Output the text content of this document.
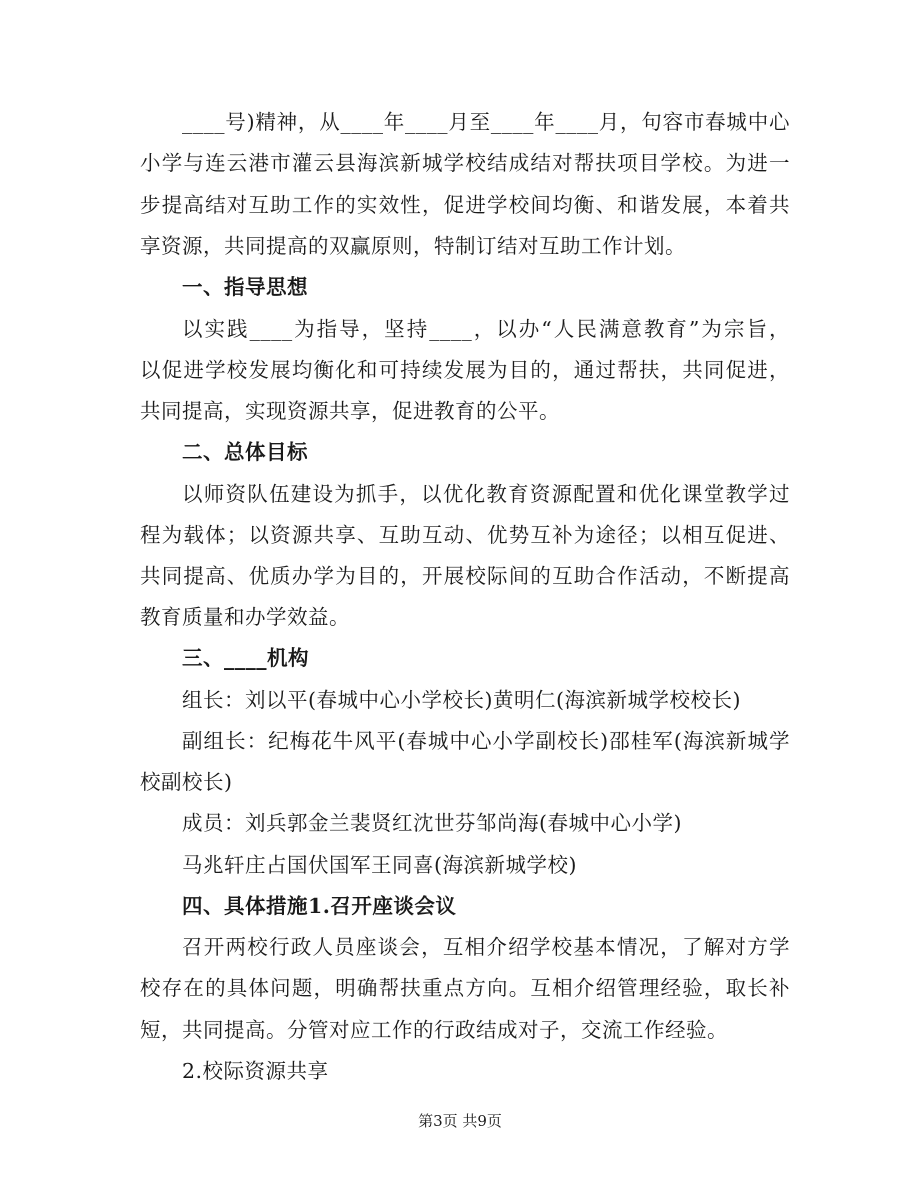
____号)精神，从____年____月至____年____月，句容市春城中心
小学与连云港市灌云县海滨新城学校结成结对帮扶项目学校。为进一
步提高结对互助工作的实效性，促进学校间均衡、和谐发展，本着共
享资源，共同提高的双赢原则，特制订结对互助工作计划。
一、指导思想
以实践____为指导，坚持____，以办“人民满意教育”为宗旨，
以促进学校发展均衡化和可持续发展为目的，通过帮扶，共同促进，
共同提高，实现资源共享，促进教育的公平。
二、总体目标
以师资队伍建设为抓手，以优化教育资源配置和优化课堂教学过
程为载体；以资源共享、互助互动、优势互补为途径；以相互促进、
共同提高、优质办学为目的，开展校际间的互助合作活动，不断提高
教育质量和办学效益。
三、____机构
组长：刘以平(春城中心小学校长)黄明仁(海滨新城学校校长)
副组长：纪梅花牛风平(春城中心小学副校长)邵桂军(海滨新城学
校副校长)
成员：刘兵郭金兰裴贤红沈世芬邹尚海(春城中心小学)
马兆轩庄占国伏国军王同喜(海滨新城学校)
四、具体措施1.召开座谈会议
召开两校行政人员座谈会，互相介绍学校基本情况，了解对方学
校存在的具体问题，明确帮扶重点方向。互相介绍管理经验，取长补
短，共同提高。分管对应工作的行政结成对子，交流工作经验。
2.校际资源共享
第3页 共9页
